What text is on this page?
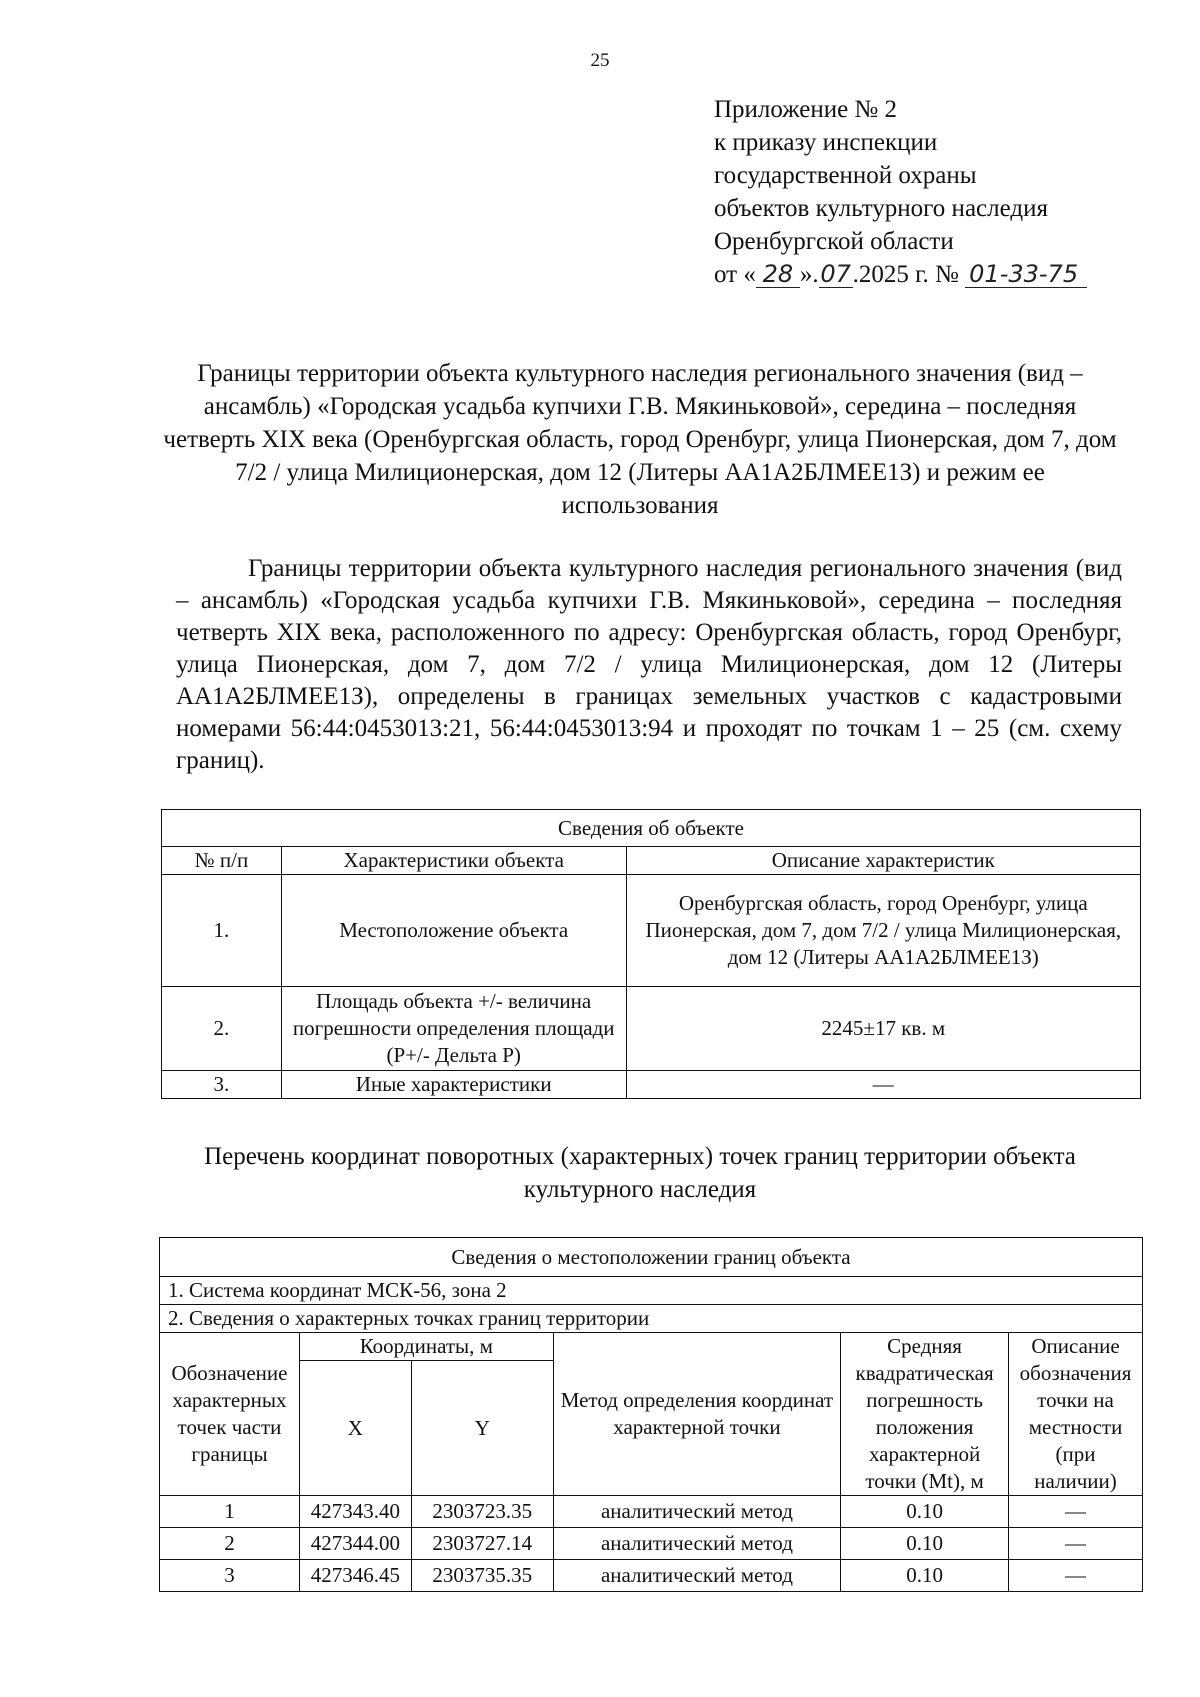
25
Приложение № 2
к приказу инспекции
государственной охраны
объектов культурного наследия
Оренбургской области
от « 28 ».07.2025 г. № 01-33-75
Границы территории объекта культурного наследия регионального значения (вид – ансамбль) «Городская усадьба купчихи Г.В. Мякиньковой», середина – последняя четверть XIX века (Оренбургская область, город Оренбург, улица Пионерская, дом 7, дом 7/2 / улица Милиционерская, дом 12 (Литеры АА1А2БЛМЕЕ1З) и режим ее использования
Границы территории объекта культурного наследия регионального значения (вид – ансамбль) «Городская усадьба купчихи Г.В. Мякиньковой», середина – последняя четверть XIX века, расположенного по адресу: Оренбургская область, город Оренбург, улица Пионерская, дом 7, дом 7/2 / улица Милиционерская, дом 12 (Литеры АА1А2БЛМЕЕ1З), определены в границах земельных участков с кадастровыми номерами 56:44:0453013:21, 56:44:0453013:94 и проходят по точкам 1 – 25 (см. схему границ).
Сведения об объекте		
№ п/п	Характеристики объекта	Описание характеристик
1.	Местоположение объекта	Оренбургская область, город Оренбург, улица Пионерская, дом 7, дом 7/2 / улица Милиционерская, дом 12 (Литеры АА1А2БЛМЕЕ1З)
2.	Площадь объекта +/- величина погрешности определения площади (Р+/- Дельта Р)	2245±17 кв. м
3.	Иные характеристики	—
Перечень координат поворотных (характерных) точек границ территории объекта культурного наследия
Сведения о местоположении границ объекта					
1. Система координат МСК-56, зона 2					
2. Сведения о характерных точках границ территории					
Обозначение характерных точек части границы	Координаты, м		Метод определения координат характерной точки	Средняя квадратическая погрешность положения характерной точки (Mt), м	Описание обозначения точки на местности (при наличии)
	X	Y			
1	427343.40	2303723.35	аналитический метод	0.10	—
2	427344.00	2303727.14	аналитический метод	0.10	—
3	427346.45	2303735.35	аналитический метод	0.10	—
